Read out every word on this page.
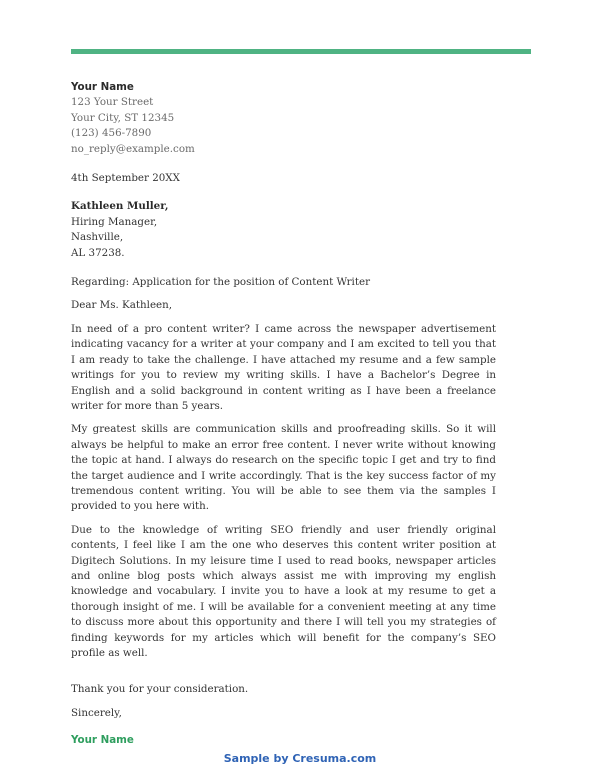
Your Name
123 Your Street
Your City, ST 12345
(123) 456-7890
no_reply@example.com
4th September 20XX
Kathleen Muller,
Hiring Manager,
Nashville,
AL 37238.
Regarding: Application for the position of Content Writer
Dear Ms. Kathleen,

In need of a pro content writer? I came across the newspaper advertisement indicating vacancy for a writer at your company and I am excited to tell you that I am ready to take the challenge. I have attached my resume and a few sample writings for you to review my writing skills. I have a Bachelor’s Degree in English and a solid background in content writing as I have been a freelance writer for more than 5 years.

My greatest skills are communication skills and proofreading skills. So it will always be helpful to make an error free content. I never write without knowing the topic at hand. I always do research on the specific topic I get and try to find the target audience and I write accordingly. That is the key success factor of my tremendous content writing. You will be able to see them via the samples I provided to you here with.

Due to the knowledge of writing SEO friendly and user friendly original contents, I feel like I am the one who deserves this content writer position at Digitech Solutions. In my leisure time I used to read books, newspaper articles and online blog posts which always assist me with improving my english knowledge and vocabulary. I invite you to have a look at my resume to get a thorough insight of me. I will be available for a convenient meeting at any time to discuss more about this opportunity and there I will tell you my strategies of finding keywords for my articles which will benefit for the company’s SEO profile as well.

Thank you for your consideration.
Sincerely,
Your Name
Sample by Cresuma.com
